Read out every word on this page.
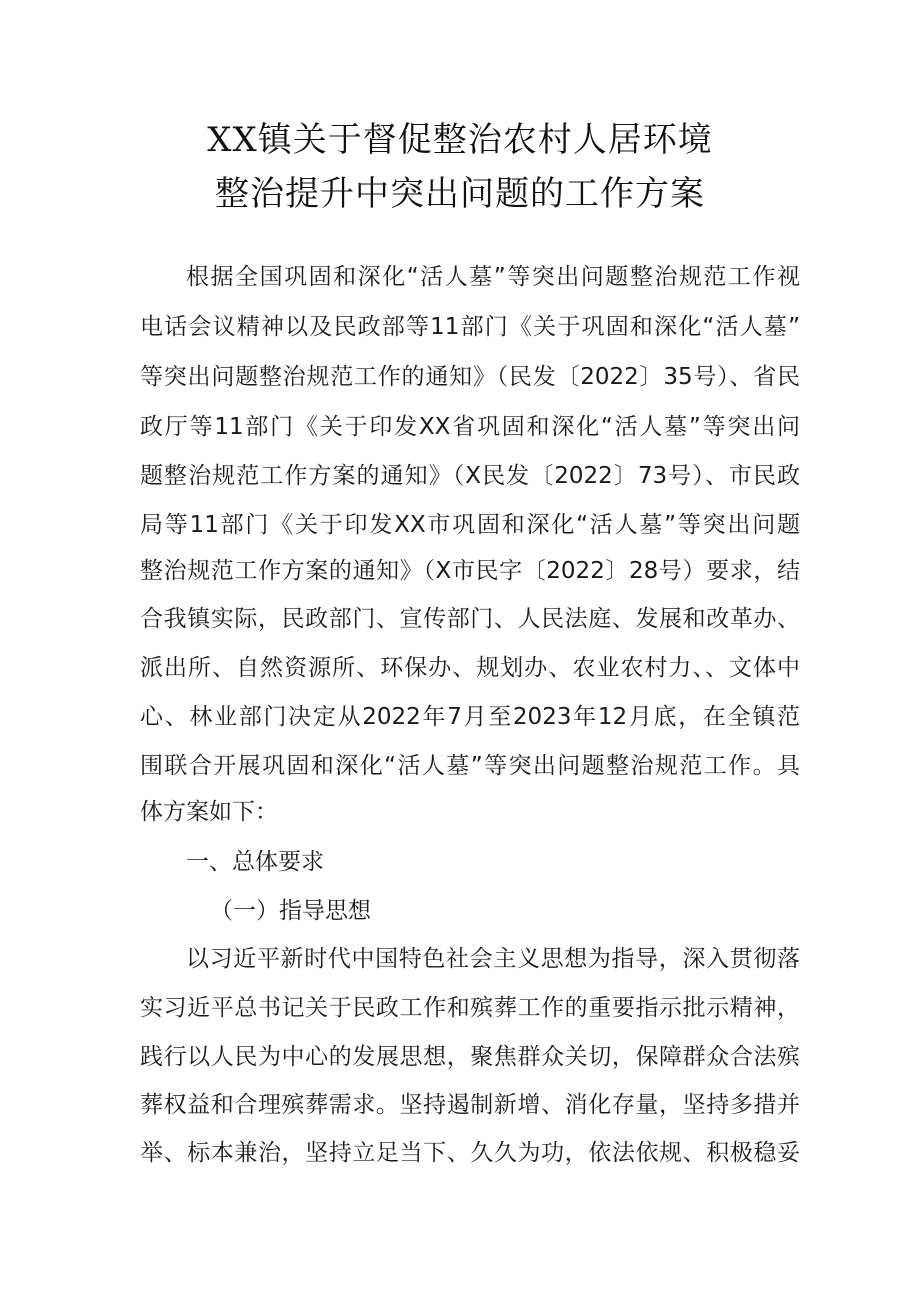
XX镇关于督促整治农村人居环境
整治提升中突出问题的工作方案
根据全国巩固和深化“活人墓”等突出问题整治规范工作视
电话会议精神以及民政部等11部门《关于巩固和深化“活人墓”
等突出问题整治规范工作的通知》（民发〔2022〕35号）、省民
政厅等11部门《关于印发XX省巩固和深化“活人墓”等突出问
题整治规范工作方案的通知》（X民发〔2022〕73号）、市民政
局等11部门《关于印发XX市巩固和深化“活人墓”等突出问题
整治规范工作方案的通知》（X市民字〔2022〕28号）要求，结
合我镇实际，民政部门、宣传部门、人民法庭、发展和改革办、
派出所、自然资源所、环保办、规划办、农业农村力、、文体中
心、林业部门决定从2022年7月至2023年12月底，在全镇范
围联合开展巩固和深化“活人墓”等突出问题整治规范工作。具
体方案如下：
一、总体要求
（一）指导思想
以习近平新时代中国特色社会主义思想为指导，深入贯彻落
实习近平总书记关于民政工作和殡葬工作的重要指示批示精神，
践行以人民为中心的发展思想，聚焦群众关切，保障群众合法殡
葬权益和合理殡葬需求。坚持遏制新增、消化存量，坚持多措并
举、标本兼治，坚持立足当下、久久为功，依法依规、积极稳妥
